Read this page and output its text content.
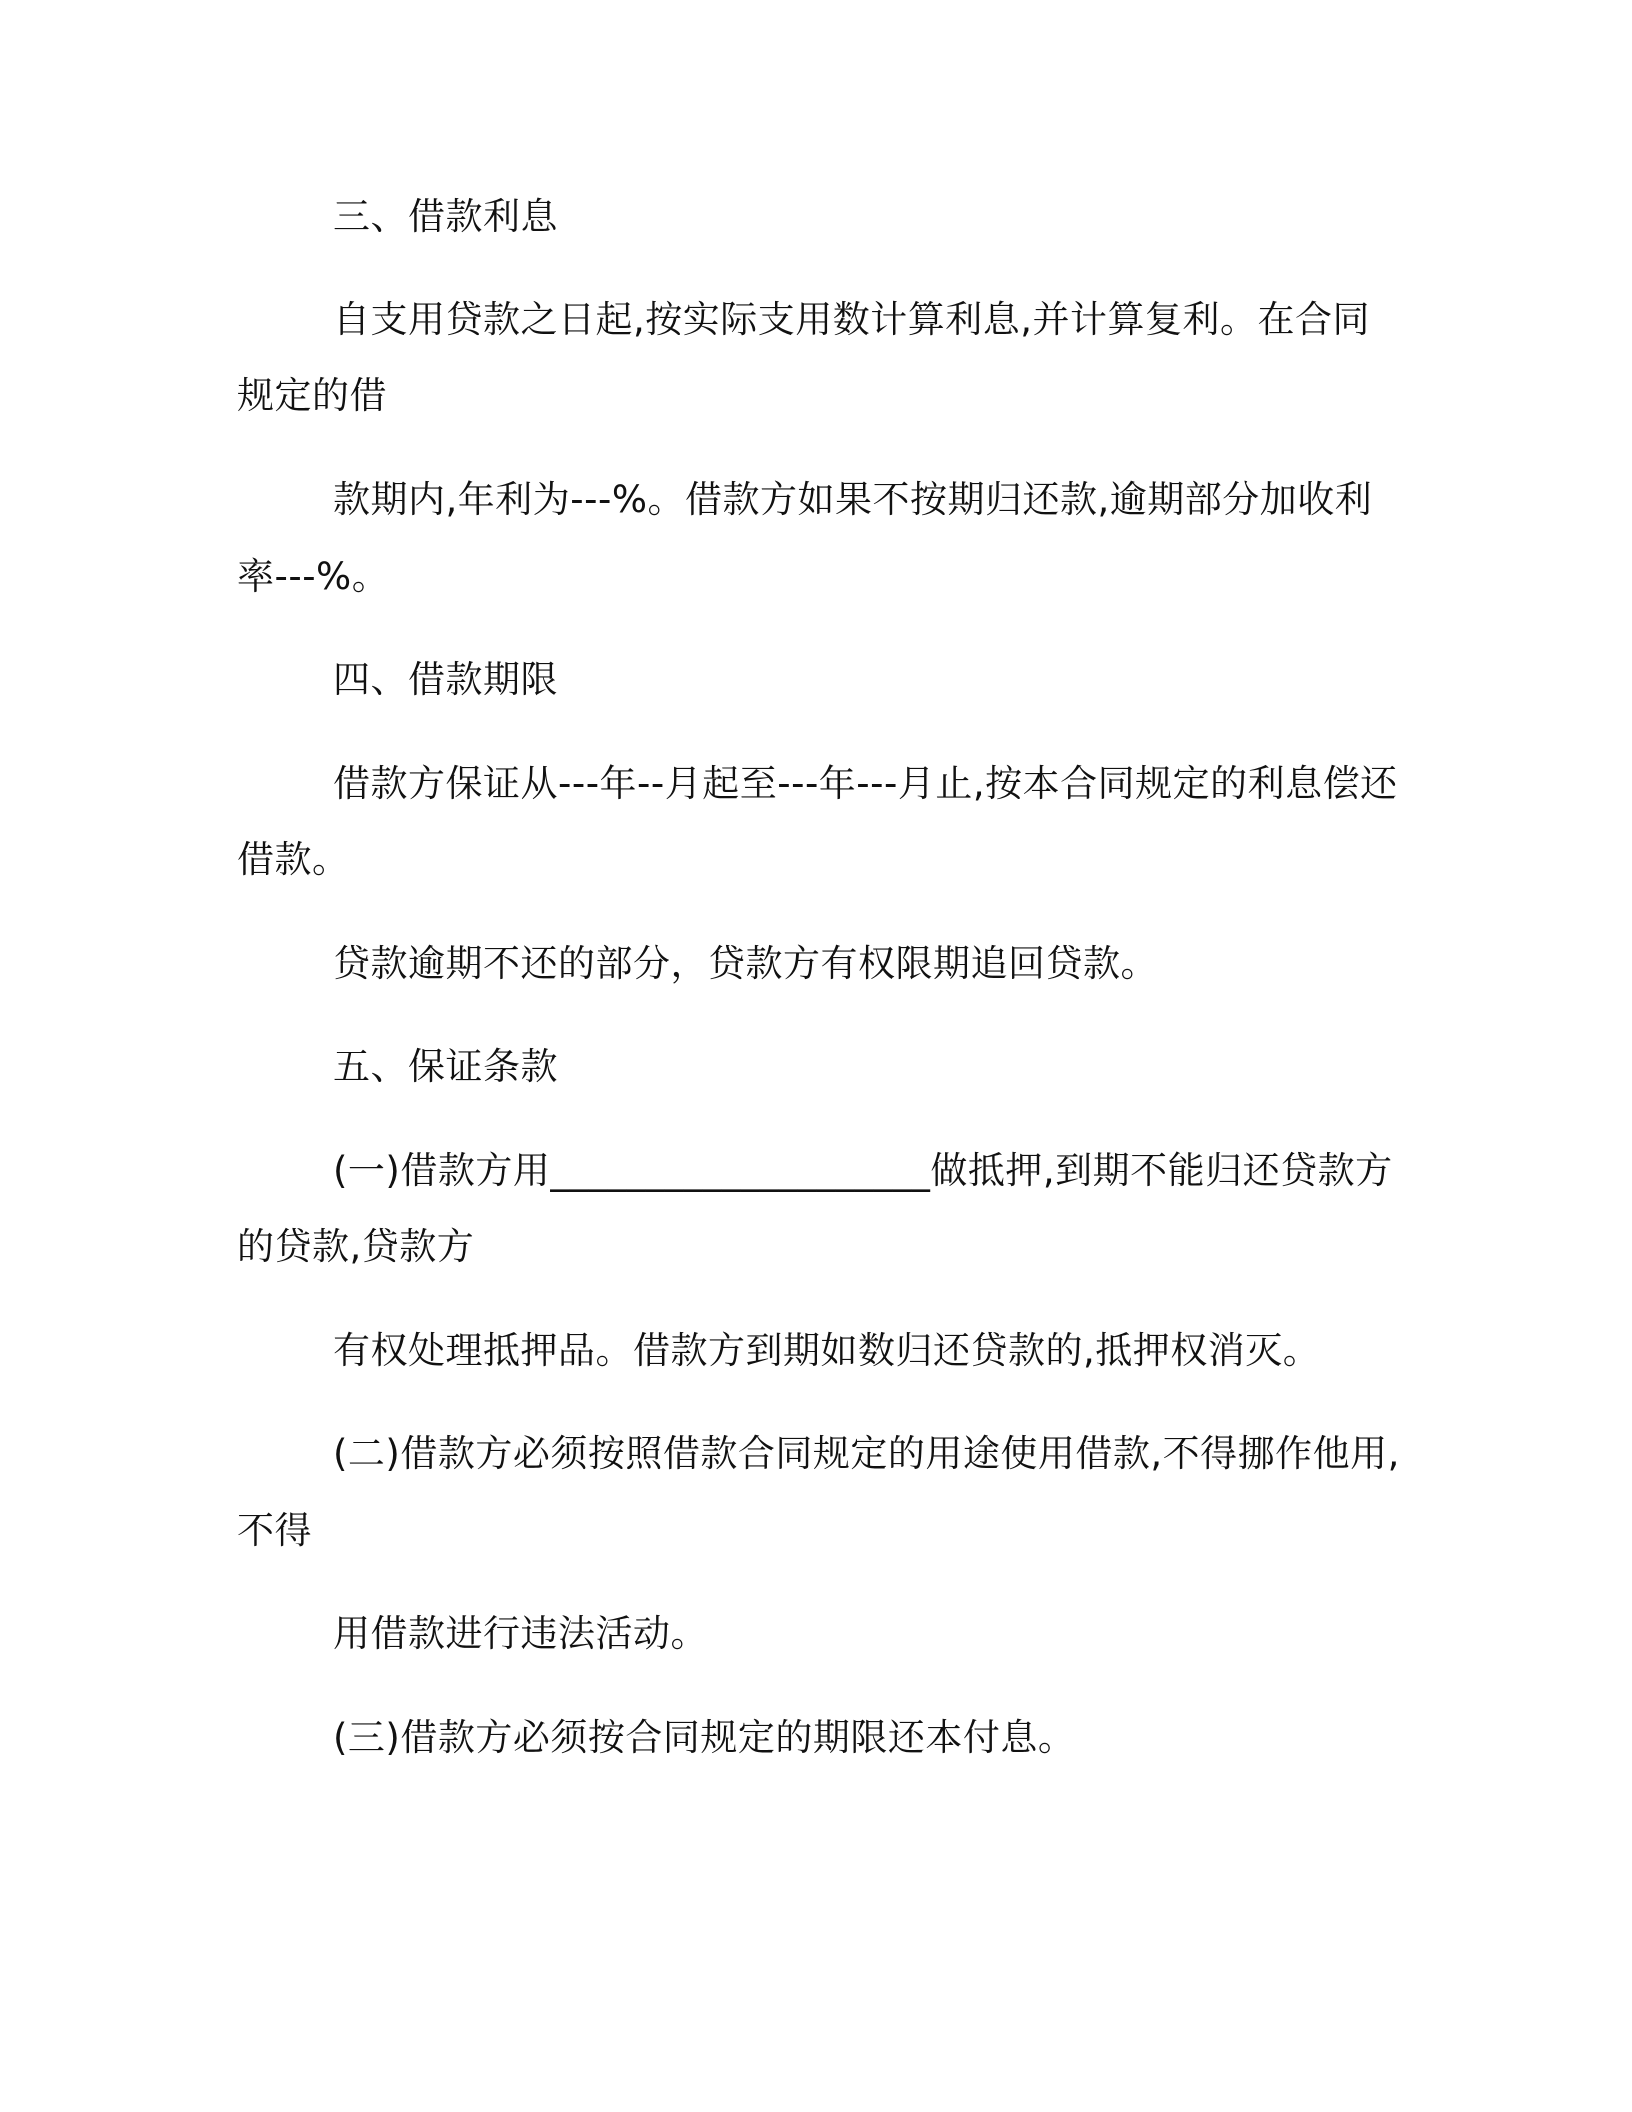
三、借款利息
自支用贷款之日起,按实际支用数计算利息,并计算复利。在合同
规定的借
款期内,年利为---%。借款方如果不按期归还款,逾期部分加收利
率---%。
四、借款期限
借款方保证从---年--月起至---年---月止,按本合同规定的利息偿还
借款。
贷款逾期不还的部分，贷款方有权限期追回贷款。
五、保证条款
(一)借款方用____________________做抵押,到期不能归还贷款方
的贷款,贷款方
有权处理抵押品。借款方到期如数归还贷款的,抵押权消灭。
(二)借款方必须按照借款合同规定的用途使用借款,不得挪作他用,
不得
用借款进行违法活动。
(三)借款方必须按合同规定的期限还本付息。
